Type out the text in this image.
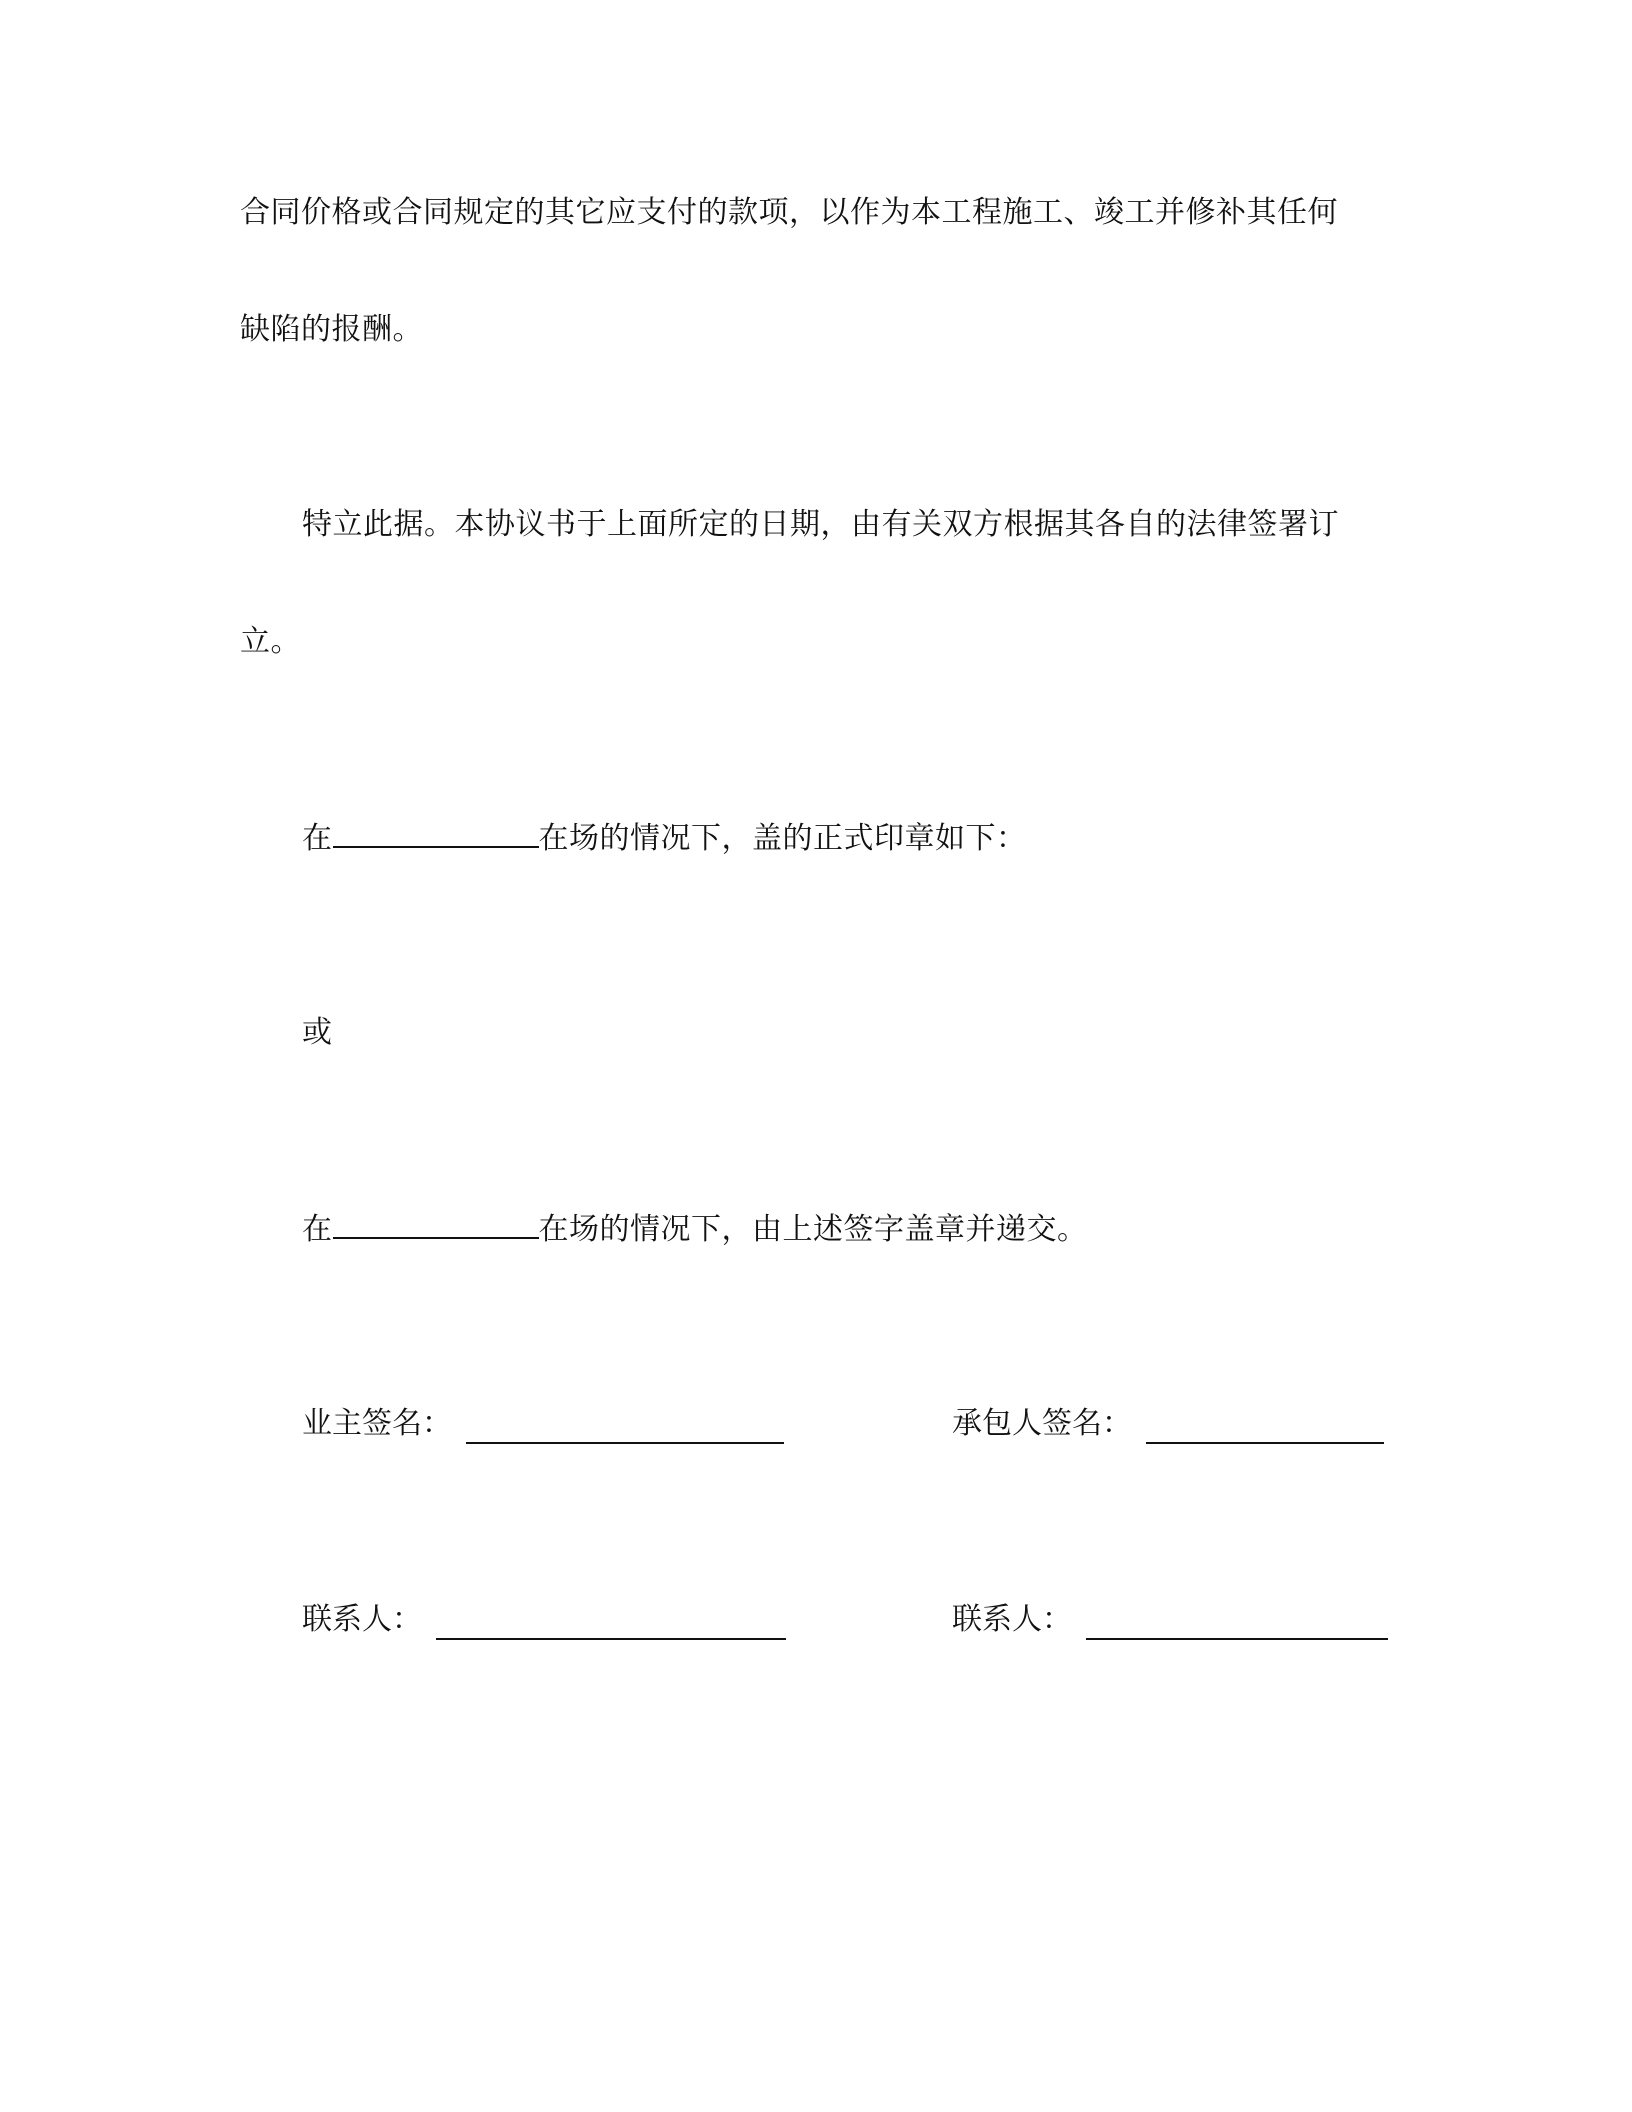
合同价格或合同规定的其它应支付的款项，以作为本工程施工、竣工并修补其任何
缺陷的报酬。
特立此据。本协议书于上面所定的日期，由有关双方根据其各自的法律签署订
立。
在	在场的情况下，盖的正式印章如下：
或
在	在场的情况下，由上述签字盖章并递交。
业主签名：	承包人签名：
联系人：	联系人：
